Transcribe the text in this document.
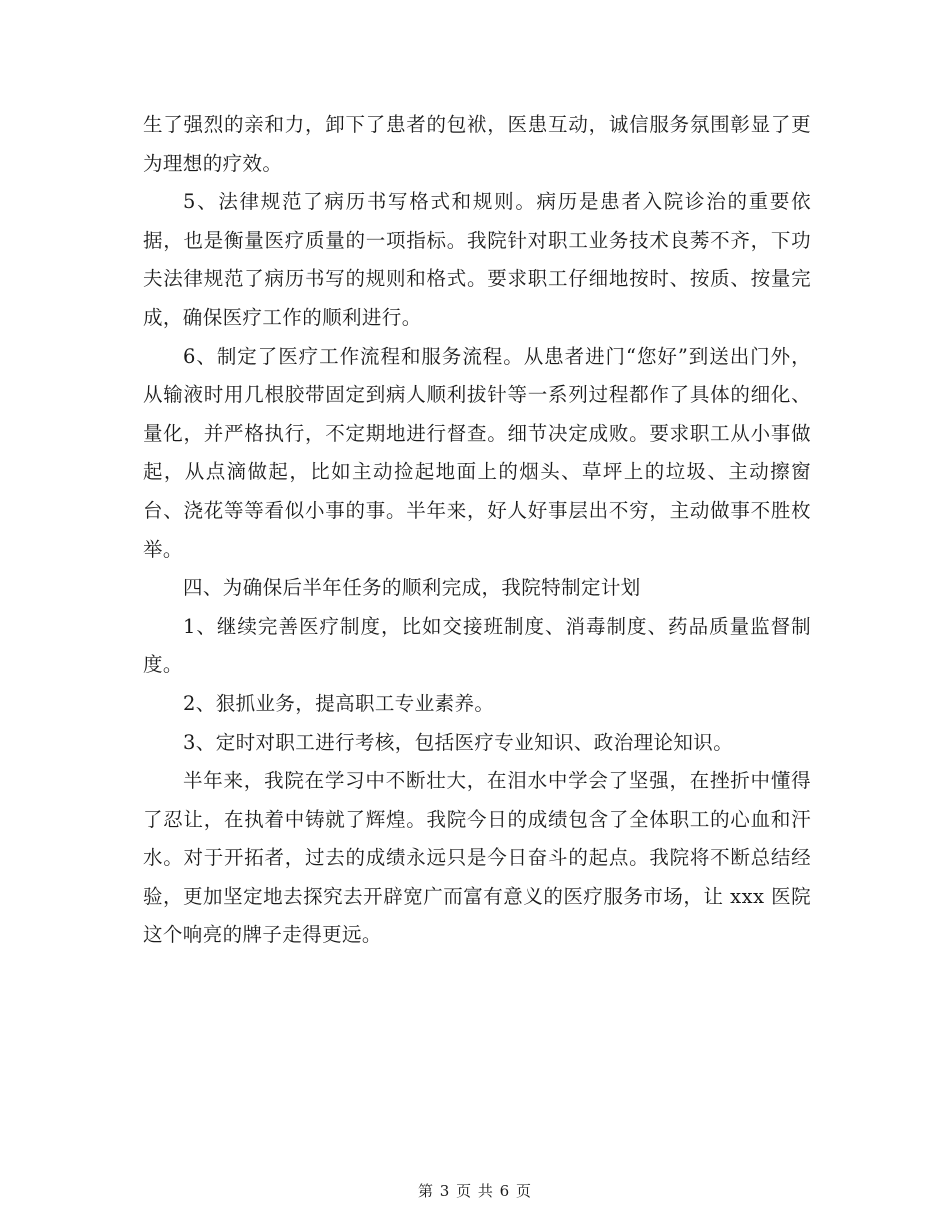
生了强烈的亲和力，卸下了患者的包袱，医患互动，诚信服务氛围彰显了更为理想的疗效。

5、法律规范了病历书写格式和规则。病历是患者入院诊治的重要依据，也是衡量医疗质量的一项指标。我院针对职工业务技术良莠不齐，下功夫法律规范了病历书写的规则和格式。要求职工仔细地按时、按质、按量完成，确保医疗工作的顺利进行。

6、制定了医疗工作流程和服务流程。从患者进门“您好”到送出门外，从输液时用几根胶带固定到病人顺利拔针等一系列过程都作了具体的细化、量化，并严格执行，不定期地进行督查。细节决定成败。要求职工从小事做起，从点滴做起，比如主动捡起地面上的烟头、草坪上的垃圾、主动擦窗台、浇花等等看似小事的事。半年来，好人好事层出不穷，主动做事不胜枚举。

四、为确保后半年任务的顺利完成，我院特制定计划

1、继续完善医疗制度，比如交接班制度、消毒制度、药品质量监督制度。

2、狠抓业务，提高职工专业素养。

3、定时对职工进行考核，包括医疗专业知识、政治理论知识。

半年来，我院在学习中不断壮大，在泪水中学会了坚强，在挫折中懂得了忍让，在执着中铸就了辉煌。我院今日的成绩包含了全体职工的心血和汗水。对于开拓者，过去的成绩永远只是今日奋斗的起点。我院将不断总结经验，更加坚定地去探究去开辟宽广而富有意义的医疗服务市场，让 xxx 医院这个响亮的牌子走得更远。

第 3 页 共 6 页
